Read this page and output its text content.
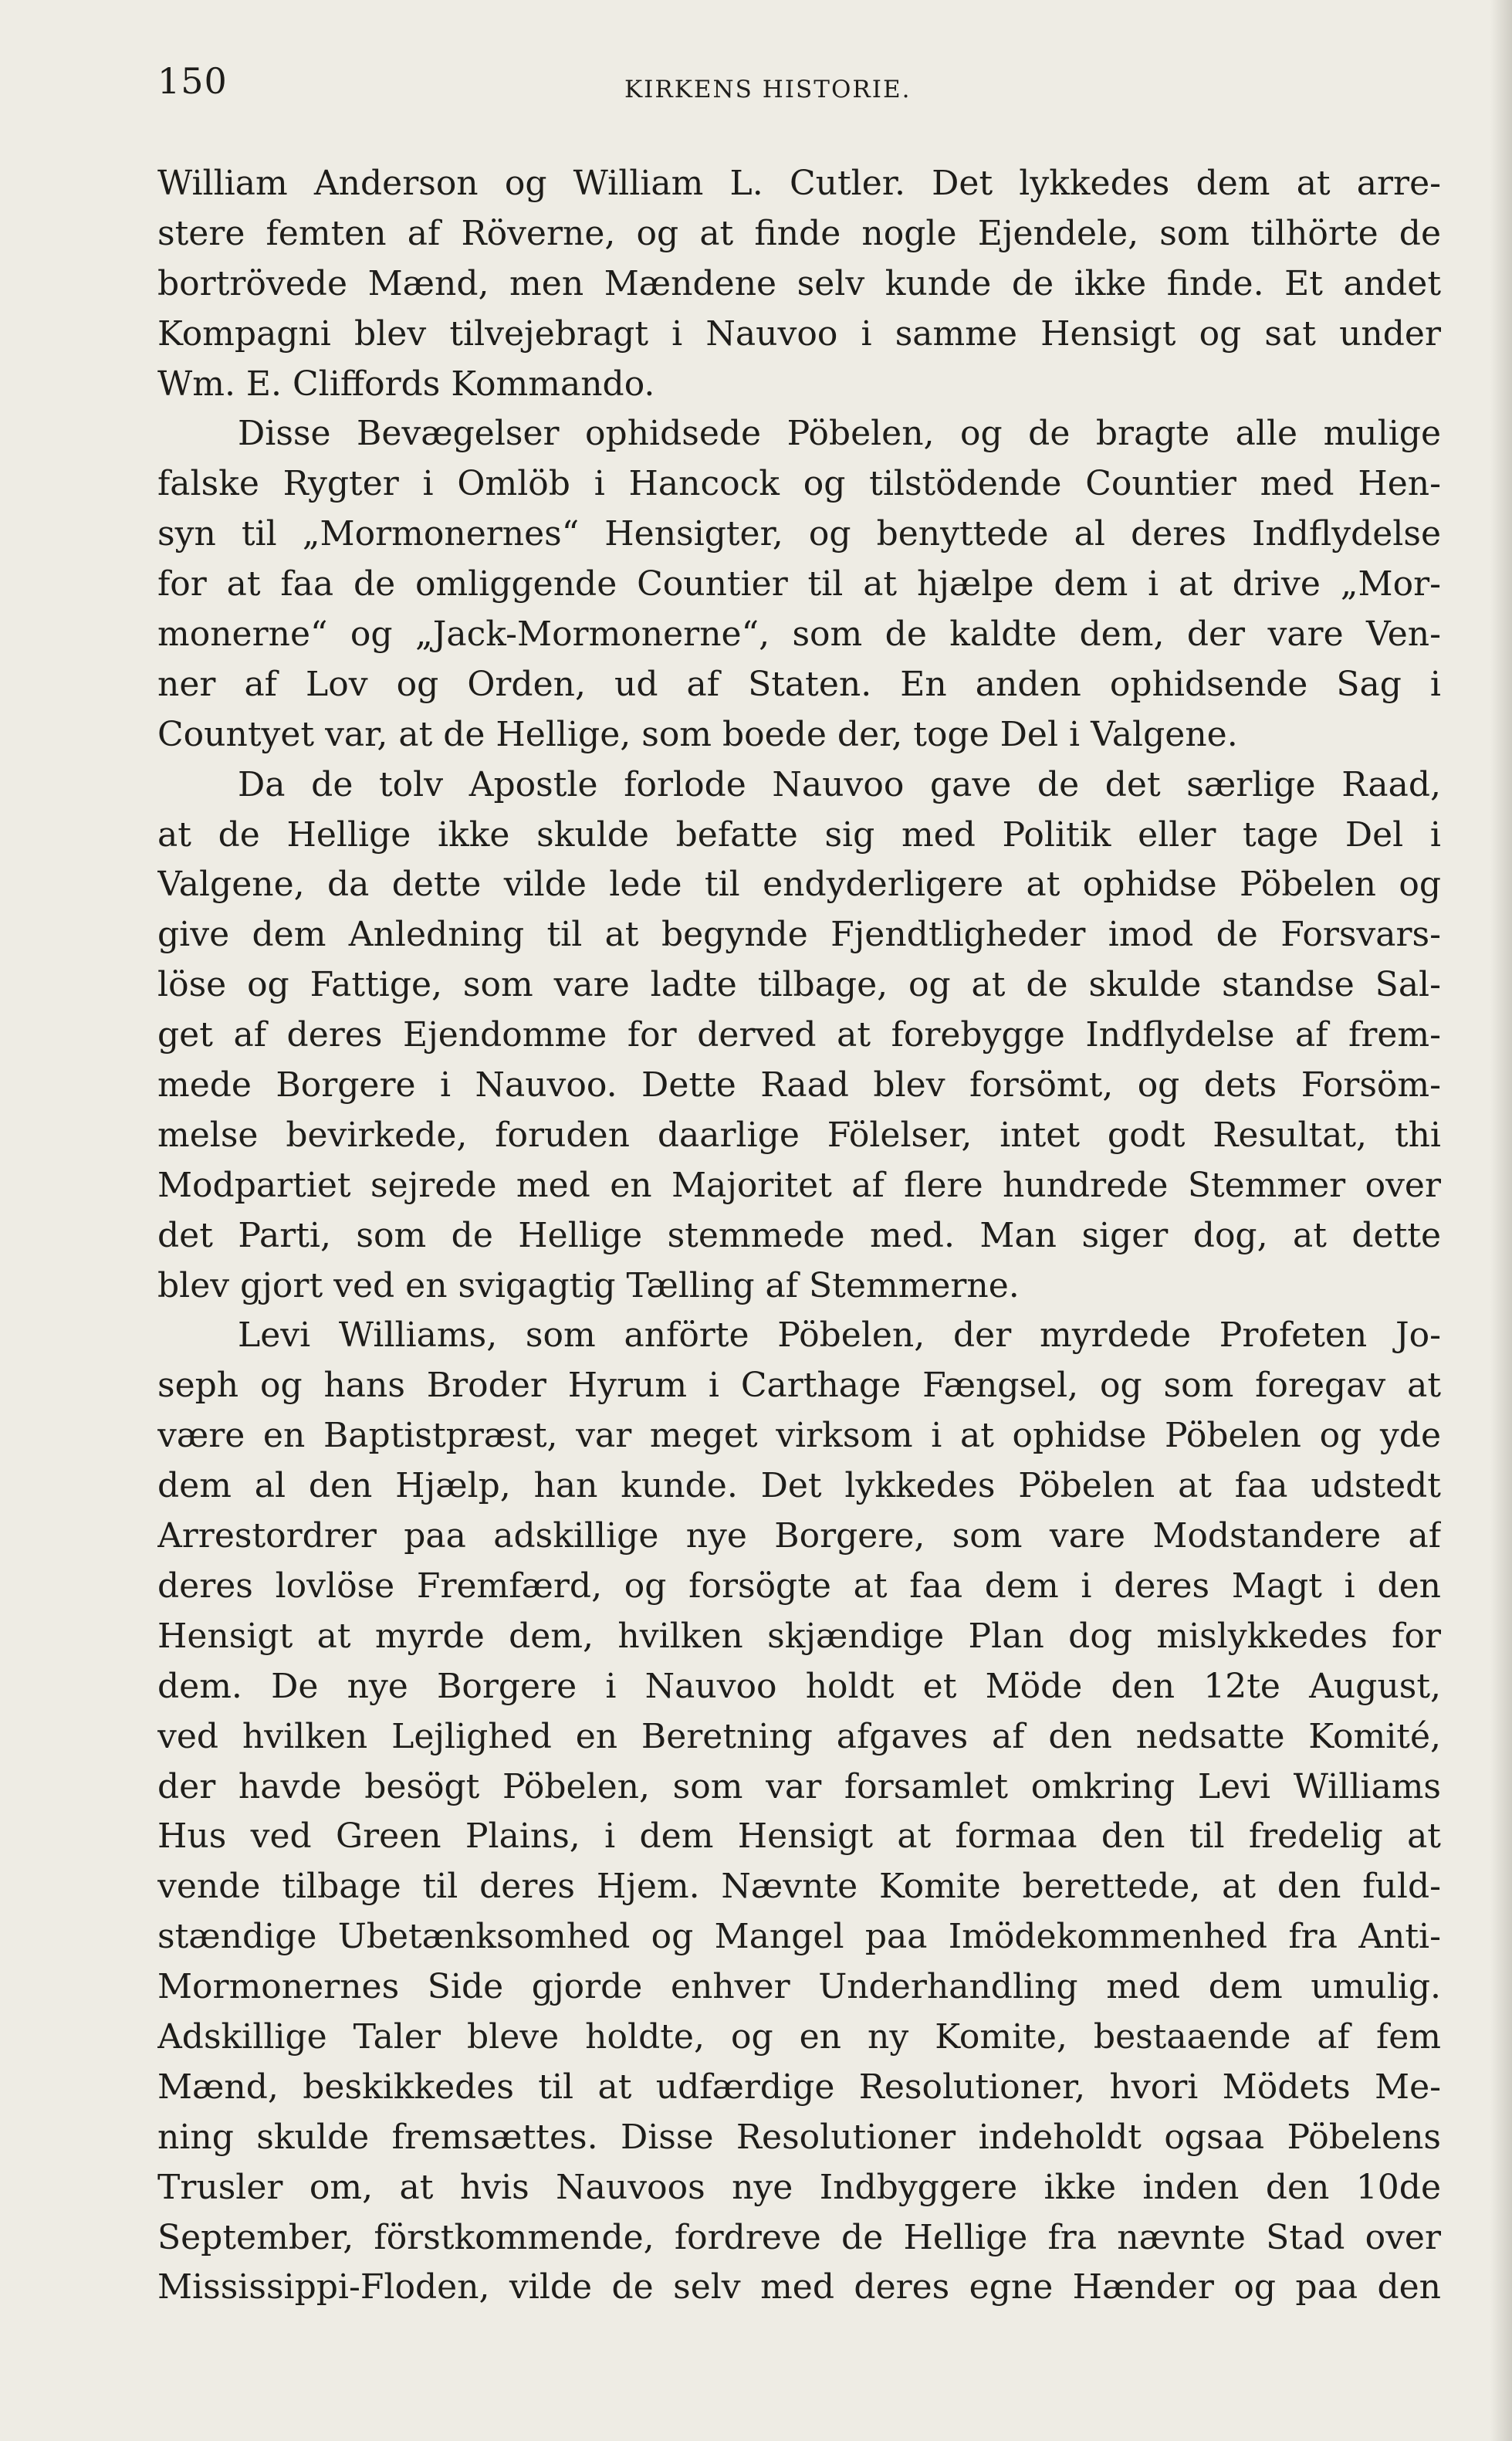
150	KIRKENS HISTORIE.
William Anderson og William L. Cutler. Det lykkedes dem at arre-
stere femten af Röverne, og at finde nogle Ejendele, som tilhörte de
bortrövede Mænd, men Mændene selv kunde de ikke finde. Et andet
Kompagni blev tilvejebragt i Nauvoo i samme Hensigt og sat under
Wm. E. Cliffords Kommando.
Disse Bevægelser ophidsede Pöbelen, og de bragte alle mulige
falske Rygter i Omlöb i Hancock og tilstödende Countier med Hen-
syn til „Mormonernes“ Hensigter, og benyttede al deres Indflydelse
for at faa de omliggende Countier til at hjælpe dem i at drive „Mor-
monerne“ og „Jack-Mormonerne“, som de kaldte dem, der vare Ven-
ner af Lov og Orden, ud af Staten. En anden ophidsende Sag i
Countyet var, at de Hellige, som boede der, toge Del i Valgene.
Da de tolv Apostle forlode Nauvoo gave de det særlige Raad,
at de Hellige ikke skulde befatte sig med Politik eller tage Del i
Valgene, da dette vilde lede til endyderligere at ophidse Pöbelen og
give dem Anledning til at begynde Fjendtligheder imod de Forsvars-
löse og Fattige, som vare ladte tilbage, og at de skulde standse Sal-
get af deres Ejendomme for derved at forebygge Indflydelse af frem-
mede Borgere i Nauvoo. Dette Raad blev forsömt, og dets Forsöm-
melse bevirkede, foruden daarlige Fölelser, intet godt Resultat, thi
Modpartiet sejrede med en Majoritet af flere hundrede Stemmer over
det Parti, som de Hellige stemmede med. Man siger dog, at dette
blev gjort ved en svigagtig Tælling af Stemmerne.
Levi Williams, som anförte Pöbelen, der myrdede Profeten Jo-
seph og hans Broder Hyrum i Carthage Fængsel, og som foregav at
være en Baptistpræst, var meget virksom i at ophidse Pöbelen og yde
dem al den Hjælp, han kunde. Det lykkedes Pöbelen at faa udstedt
Arrestordrer paa adskillige nye Borgere, som vare Modstandere af
deres lovlöse Fremfærd, og forsögte at faa dem i deres Magt i den
Hensigt at myrde dem, hvilken skjændige Plan dog mislykkedes for
dem. De nye Borgere i Nauvoo holdt et Möde den 12te August,
ved hvilken Lejlighed en Beretning afgaves af den nedsatte Komité,
der havde besögt Pöbelen, som var forsamlet omkring Levi Williams
Hus ved Green Plains, i dem Hensigt at formaa den til fredelig at
vende tilbage til deres Hjem. Nævnte Komite berettede, at den fuld-
stændige Ubetænksomhed og Mangel paa Imödekommenhed fra Anti-
Mormonernes Side gjorde enhver Underhandling med dem umulig.
Adskillige Taler bleve holdte, og en ny Komite, bestaaende af fem
Mænd, beskikkedes til at udfærdige Resolutioner, hvori Mödets Me-
ning skulde fremsættes. Disse Resolutioner indeholdt ogsaa Pöbelens
Trusler om, at hvis Nauvoos nye Indbyggere ikke inden den 10de
September, förstkommende, fordreve de Hellige fra nævnte Stad over
Mississippi-Floden, vilde de selv med deres egne Hænder og paa den
